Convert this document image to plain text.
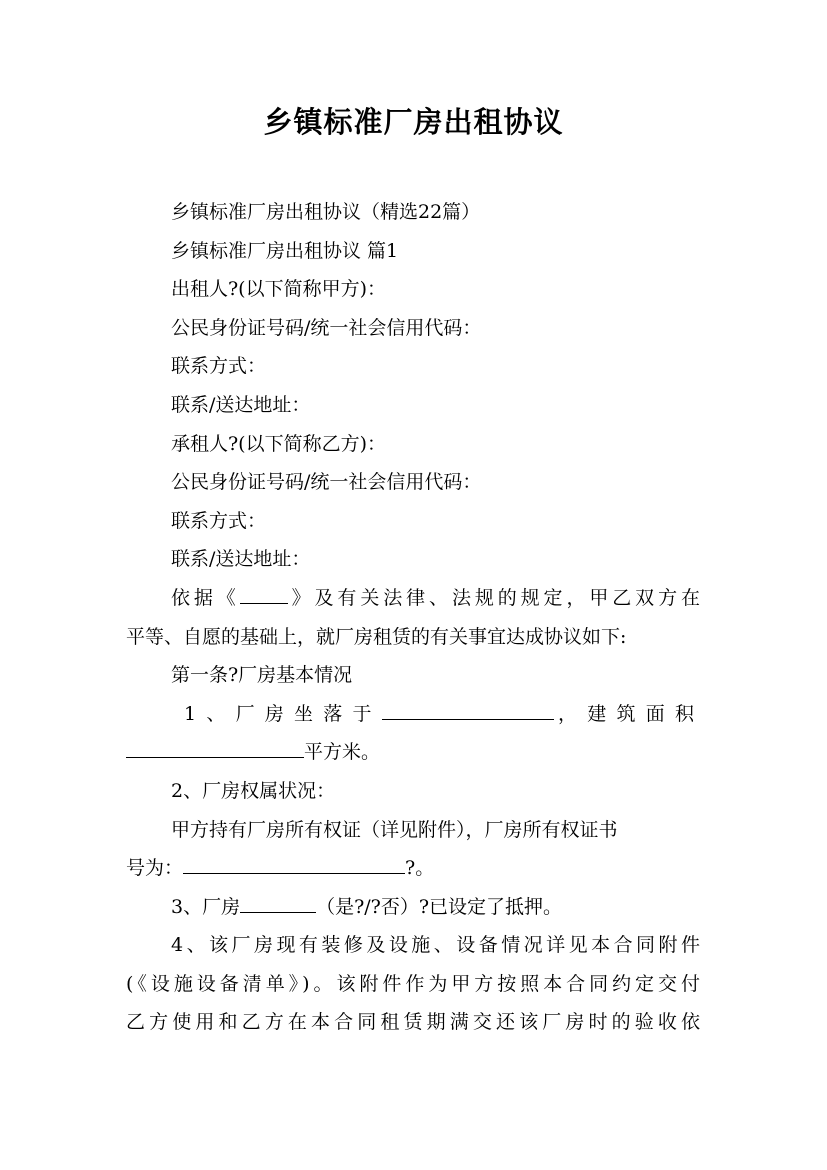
乡镇标准厂房出租协议
乡镇标准厂房出租协议（精选22篇）
乡镇标准厂房出租协议 篇1
出租人?(以下简称甲方)：
公民身份证号码/统一社会信用代码：
联系方式：
联系/送达地址：
承租人?(以下简称乙方)：
公民身份证号码/统一社会信用代码：
联系方式：
联系/送达地址：
依据《	》及有关法律、法规的规定，甲乙双方在
平等、自愿的基础上，就厂房租赁的有关事宜达成协议如下:
第一条?厂房基本情况
1、厂房坐落于	，建筑面积
平方米。
2、厂房权属状况：
甲方持有厂房所有权证（详见附件），厂房所有权证书
号为：	?。
3、厂房	（是?/?否）?已设定了抵押。
4、该厂房现有装修及设施、设备情况详见本合同附件
(《设施设备清单》)。该附件作为甲方按照本合同约定交付
乙方使用和乙方在本合同租赁期满交还该厂房时的验收依
